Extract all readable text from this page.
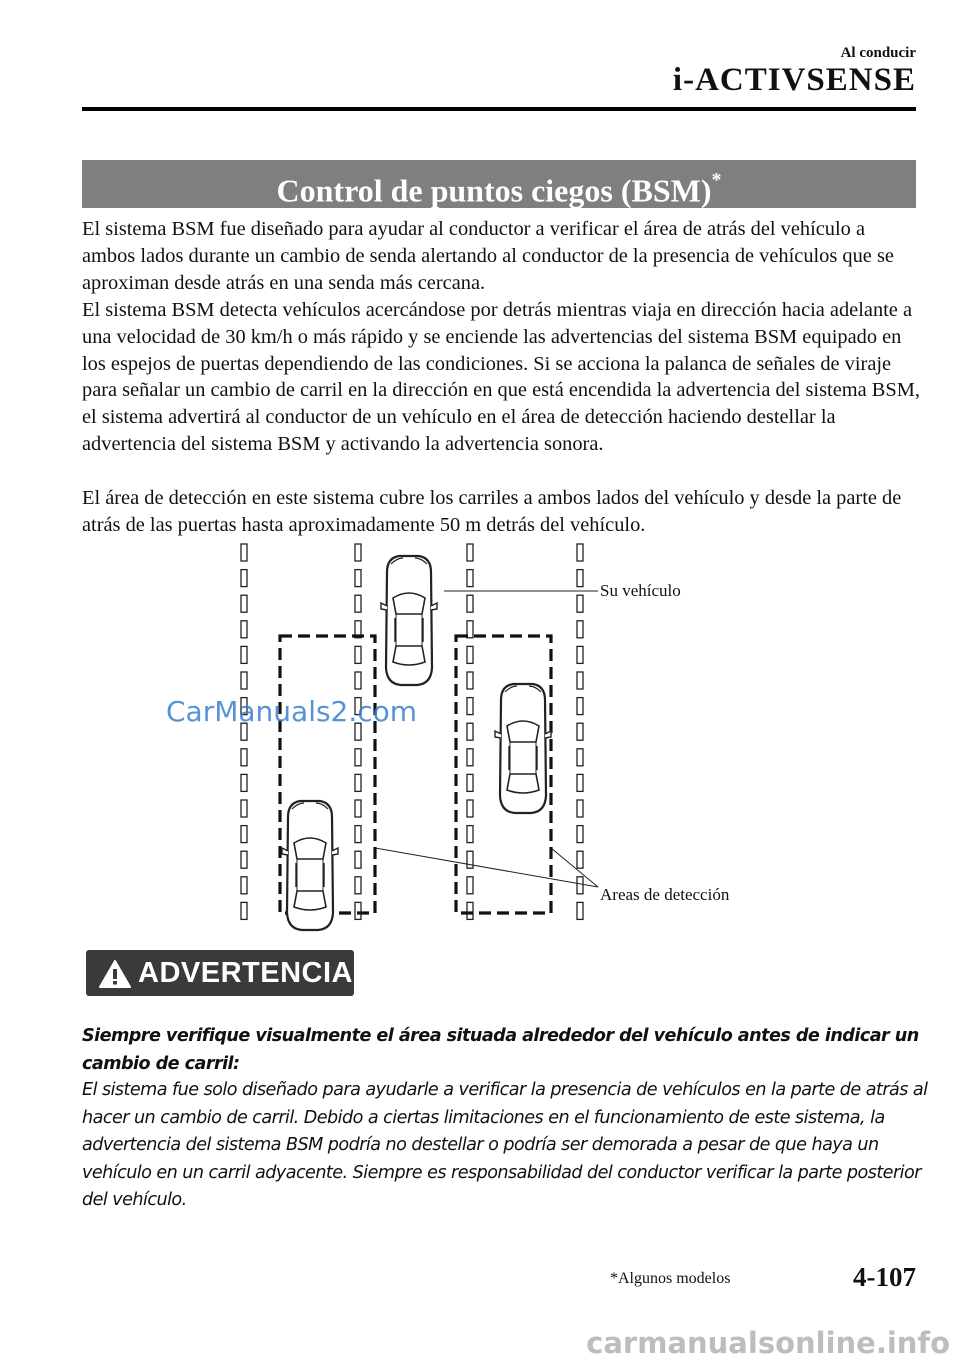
Al conducir
i-ACTIVSENSE
Control de puntos ciegos (BSM)*

El sistema BSM fue diseñado para ayudar al conductor a verificar el área de atrás del vehículo a ambos lados durante un cambio de senda alertando al conductor de la presencia de vehículos que se aproximan desde atrás en una senda más cercana.

El sistema BSM detecta vehículos acercándose por detrás mientras viaja en dirección hacia adelante a una velocidad de 30 km/h o más rápido y se enciende las advertencias del sistema BSM equipado en los espejos de puertas dependiendo de las condiciones. Si se acciona la palanca de señales de viraje para señalar un cambio de carril en la dirección en que está encendida la advertencia del sistema BSM, el sistema advertirá al conductor de un vehículo en el área de detección haciendo destellar la advertencia del sistema BSM y activando la advertencia sonora.

El área de detección en este sistema cubre los carriles a ambos lados del vehículo y desde la parte de atrás de las puertas hasta aproximadamente 50 m detrás del vehículo.

Su vehículo
Areas de detección
CarManuals2.com
ADVERTENCIA

Siempre verifique visualmente el área situada alrededor del vehículo antes de indicar un cambio de carril:

El sistema fue solo diseñado para ayudarle a verificar la presencia de vehículos en la parte de atrás al hacer un cambio de carril. Debido a ciertas limitaciones en el funcionamiento de este sistema, la advertencia del sistema BSM podría no destellar o podría ser demorada a pesar de que haya un vehículo en un carril adyacente. Siempre es responsabilidad del conductor verificar la parte posterior del vehículo.

*Algunos modelos	4-107
carmanualsonline.info
